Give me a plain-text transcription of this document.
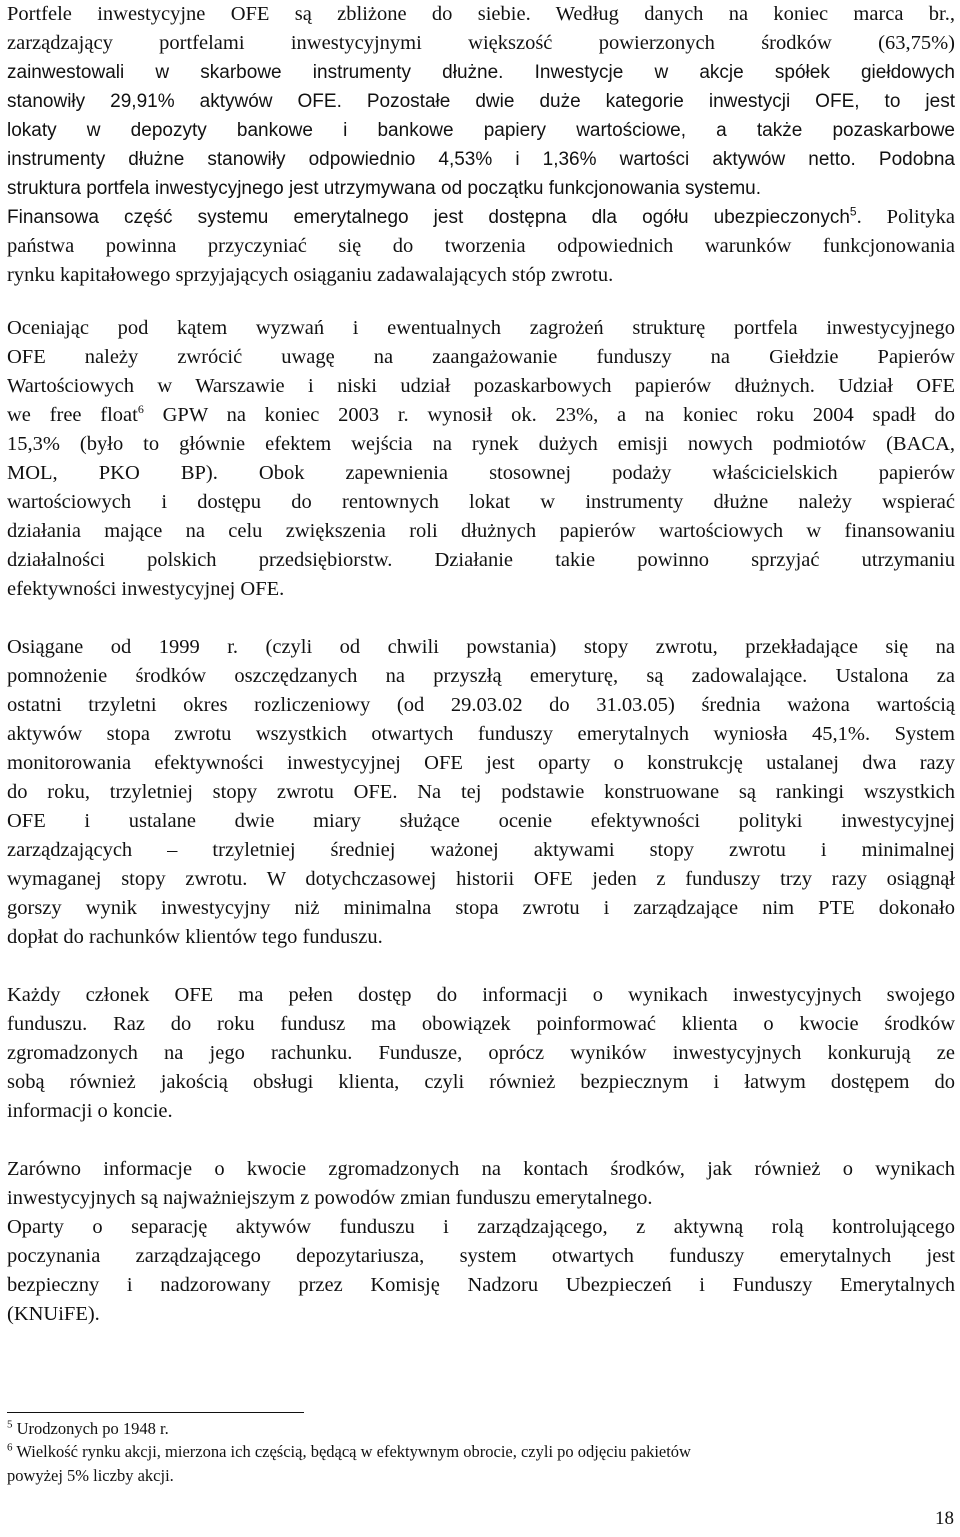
Portfele inwestycyjne OFE są zbliżone do siebie. Według danych na koniec marca br.,
zarządzający portfelami inwestycyjnymi większość powierzonych środków (63,75%)
zainwestowali w skarbowe instrumenty dłużne. Inwestycje w akcje spółek giełdowych
stanowiły 29,91% aktywów OFE. Pozostałe dwie duże kategorie inwestycji OFE, to jest
lokaty w depozyty bankowe i bankowe papiery wartościowe, a także pozaskarbowe
instrumenty dłużne stanowiły odpowiednio 4,53% i 1,36% wartości aktywów netto. Podobna
struktura portfela inwestycyjnego jest utrzymywana od początku funkcjonowania systemu.
Finansowa część systemu emerytalnego jest dostępna dla ogółu ubezpieczonych$^5$. Polityka
państwa powinna przyczyniać się do tworzenia odpowiednich warunków funkcjonowania
rynku kapitałowego sprzyjających osiąganiu zadawalających stóp zwrotu.
Oceniając pod kątem wyzwań i ewentualnych zagrożeń strukturę portfela inwestycyjnego
OFE należy zwrócić uwagę na zaangażowanie funduszy na Giełdzie Papierów
Wartościowych w Warszawie i niski udział pozaskarbowych papierów dłużnych. Udział OFE
we free float$^6$ GPW na koniec 2003 r. wynosił ok. 23%, a na koniec roku 2004 spadł do
15,3% (było to głównie efektem wejścia na rynek dużych emisji nowych podmiotów (BACA,
MOL, PKO BP). Obok zapewnienia stosownej podaży właścicielskich papierów
wartościowych i dostępu do rentownych lokat w instrumenty dłużne należy wspierać
działania mające na celu zwiększenia roli dłużnych papierów wartościowych w finansowaniu
działalności polskich przedsiębiorstw. Działanie takie powinno sprzyjać utrzymaniu
efektywności inwestycyjnej OFE.
Osiągane od 1999 r. (czyli od chwili powstania) stopy zwrotu, przekładające się na
pomnożenie środków oszczędzanych na przyszłą emeryturę, są zadowalające. Ustalona za
ostatni trzyletni okres rozliczeniowy (od 29.03.02 do 31.03.05) średnia ważona wartością
aktywów stopa zwrotu wszystkich otwartych funduszy emerytalnych wyniosła 45,1%. System
monitorowania efektywności inwestycyjnej OFE jest oparty o konstrukcję ustalanej dwa razy
do roku, trzyletniej stopy zwrotu OFE. Na tej podstawie konstruowane są rankingi wszystkich
OFE i ustalane dwie miary służące ocenie efektywności polityki inwestycyjnej
zarządzających – trzyletniej średniej ważonej aktywami stopy zwrotu i minimalnej
wymaganej stopy zwrotu. W dotychczasowej historii OFE jeden z funduszy trzy razy osiągnął
gorszy wynik inwestycyjny niż minimalna stopa zwrotu i zarządzające nim PTE dokonało
dopłat do rachunków klientów tego funduszu.
Każdy członek OFE ma pełen dostęp do informacji o wynikach inwestycyjnych swojego
funduszu. Raz do roku fundusz ma obowiązek poinformować klienta o kwocie środków
zgromadzonych na jego rachunku. Fundusze, oprócz wyników inwestycyjnych konkurują ze
sobą również jakością obsługi klienta, czyli również bezpiecznym i łatwym dostępem do
informacji o koncie.
Zarówno informacje o kwocie zgromadzonych na kontach środków, jak również o wynikach
inwestycyjnych są najważniejszym z powodów zmian funduszu emerytalnego.
Oparty o separację aktywów funduszu i zarządzającego, z aktywną rolą kontrolującego
poczynania zarządzającego depozytariusza, system otwartych funduszy emerytalnych jest
bezpieczny i nadzorowany przez Komisję Nadzoru Ubezpieczeń i Funduszy Emerytalnych
(KNUiFE).
$^5$ Urodzonych po 1948 r.
$^6$ Wielkość rynku akcji, mierzona ich częścią, będącą w efektywnym obrocie, czyli po odjęciu pakietów
powyżej 5% liczby akcji.
18
